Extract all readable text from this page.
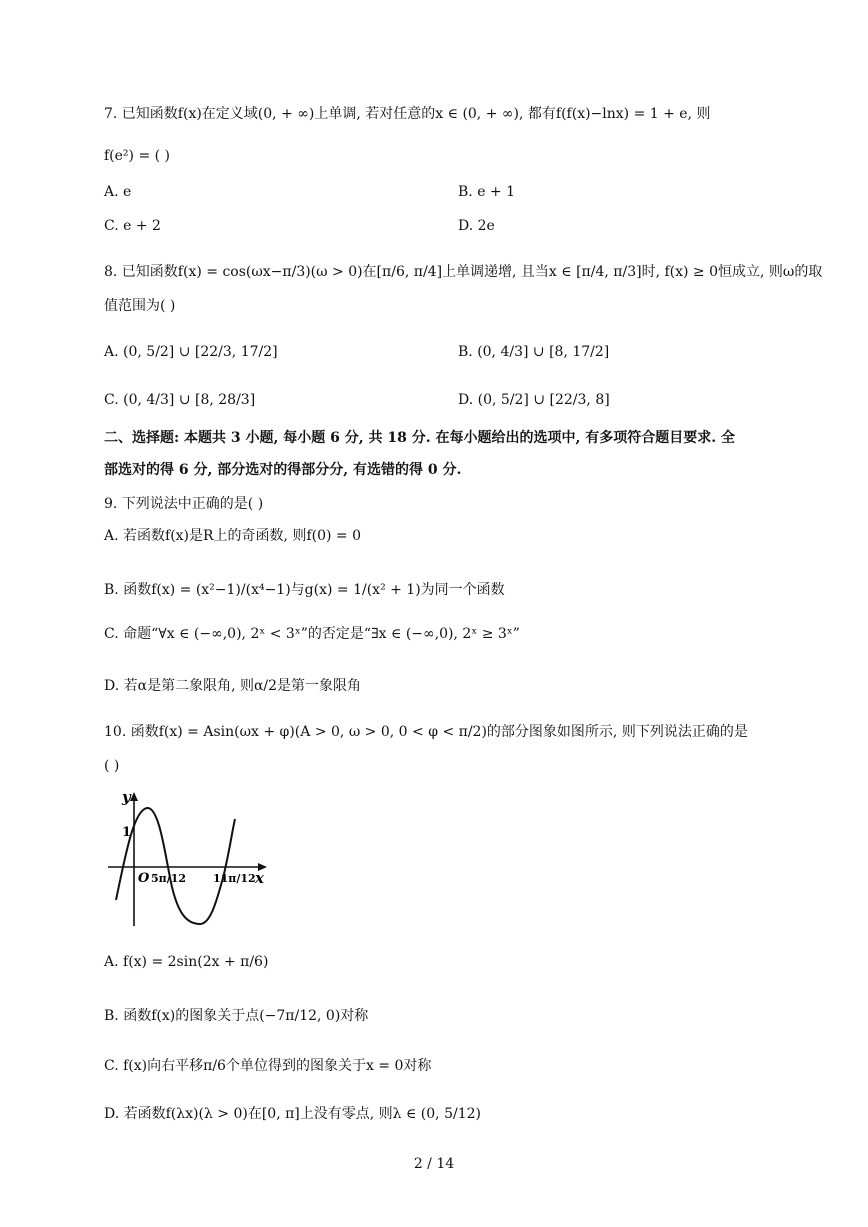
7. 已知函数f(x)在定义域(0, + ∞)上单调, 若对任意的x ∈ (0, + ∞), 都有f(f(x)−lnx) = 1 + e, 则
f(e²) = ( )
A. e	B. e + 1
C. e + 2	D. 2e
8. 已知函数f(x) = cos(ωx−π/3)(ω > 0)在[π/6, π/4]上单调递增, 且当x ∈ [π/4, π/3]时, f(x) ≥ 0恒成立, 则ω的取
值范围为( )
A. (0, 5/2] ∪ [22/3, 17/2]	B. (0, 4/3] ∪ [8, 17/2]
C. (0, 4/3] ∪ [8, 28/3]	D. (0, 5/2] ∪ [22/3, 8]
二、选择题: 本题共 3 小题, 每小题 6 分, 共 18 分. 在每小题给出的选项中, 有多项符合题目要求. 全
部选对的得 6 分, 部分选对的得部分分, 有选错的得 0 分.
9. 下列说法中正确的是( )
A. 若函数f(x)是R上的奇函数, 则f(0) = 0
B. 函数f(x) = (x²−1)/(x⁴−1)与g(x) = 1/(x² + 1)为同一个函数
C. 命题“∀x ∈ (−∞,0), 2ˣ < 3ˣ”的否定是“∃x ∈ (−∞,0), 2ˣ ≥ 3ˣ”
D. 若α是第二象限角, 则α/2是第一象限角
10. 函数f(x) = Asin(ωx + φ)(A > 0, ω > 0, 0 < φ < π/2)的部分图象如图所示, 则下列说法正确的是
( )
y
x
O
1
5π/12 11π/12
A. f(x) = 2sin(2x + π/6)
B. 函数f(x)的图象关于点(−7π/12, 0)对称
C. f(x)向右平移π/6个单位得到的图象关于x = 0对称
D. 若函数f(λx)(λ > 0)在[0, π]上没有零点, 则λ ∈ (0, 5/12)
2 / 14
